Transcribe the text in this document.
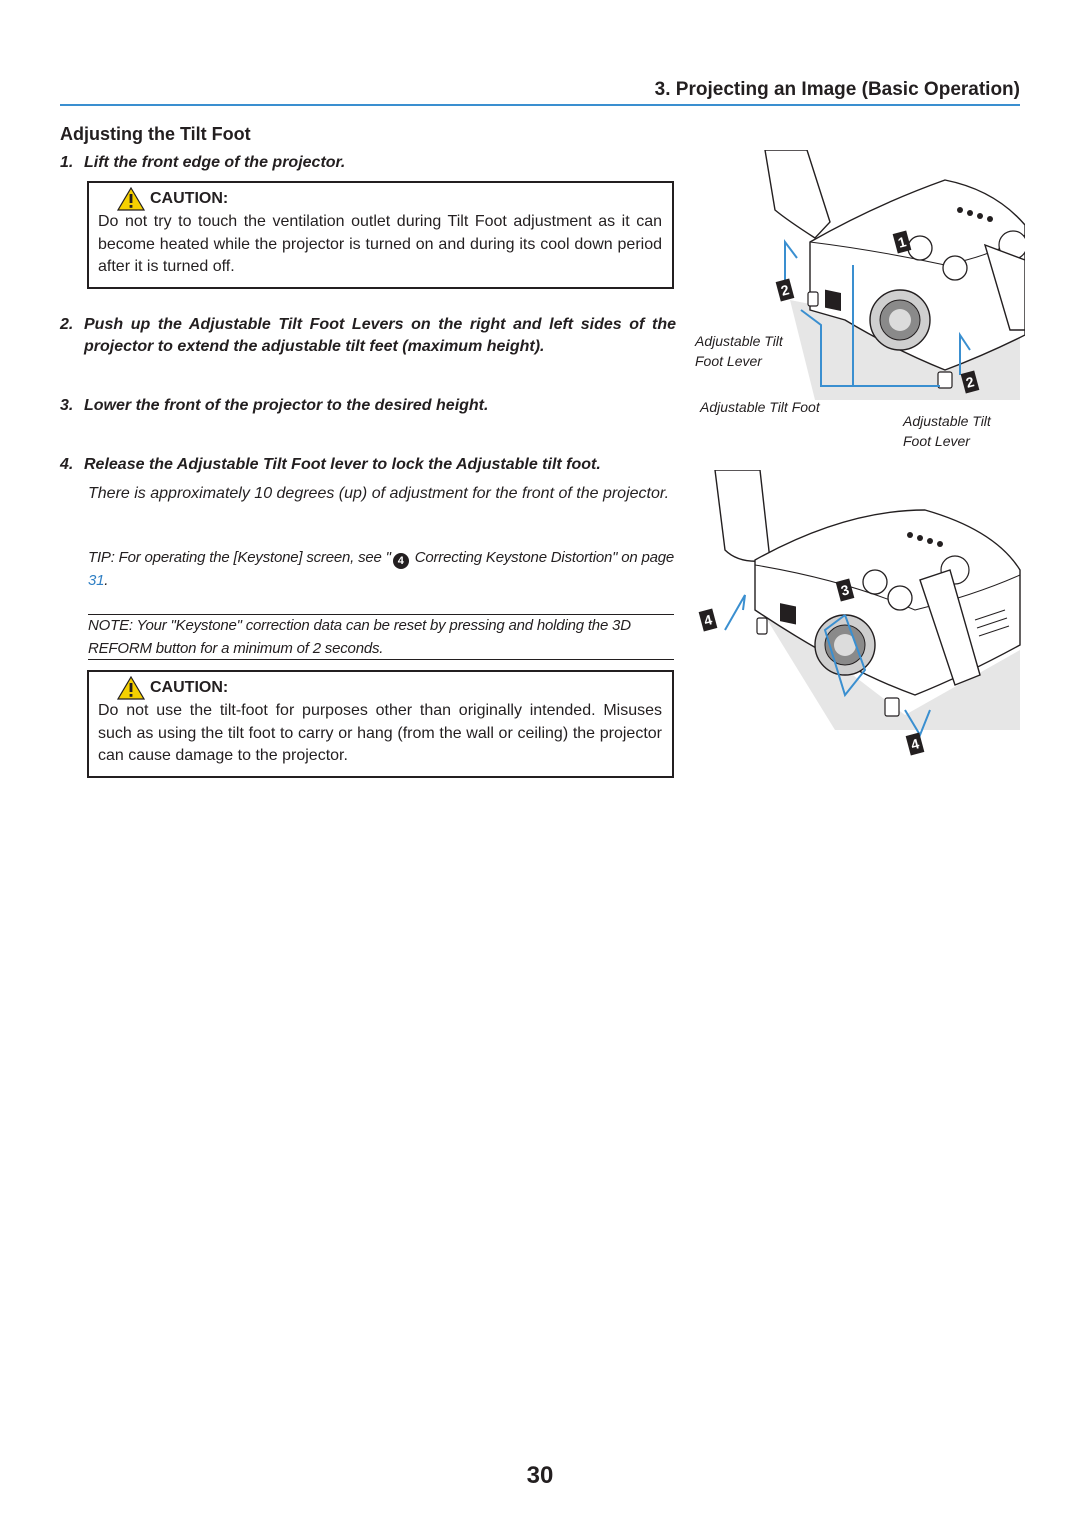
3. Projecting an Image (Basic Operation)
Adjusting the Tilt Foot
1. Lift the front edge of the projector.
CAUTION:
Do not try to touch the ventilation outlet during Tilt Foot adjustment as it can become heated while the projector is turned on and during its cool down period after it is turned off.
2. Push up the Adjustable Tilt Foot Levers on the right and left sides of the projector to extend the adjustable tilt feet (maximum height).
3. Lower the front of the projector to the desired height.
4. Release the Adjustable Tilt Foot lever to lock the Adjustable tilt foot.
There is approximately 10 degrees (up) of adjustment for the front of the projector.
TIP: For operating the [Keystone] screen, see " 4 Correcting Keystone Distortion" on page 31.
NOTE: Your "Keystone" correction data can be reset by pressing and holding the 3D REFORM button for a minimum of 2 seconds.
CAUTION:
Do not use the tilt-foot for purposes other than originally intended. Misuses such as using the tilt foot to carry or hang (from the wall or ceiling) the projector can cause damage to the projector.
1
2
2
Adjustable Tilt
Foot Lever
Adjustable Tilt Foot
Adjustable Tilt
Foot Lever
3
4
4
30
